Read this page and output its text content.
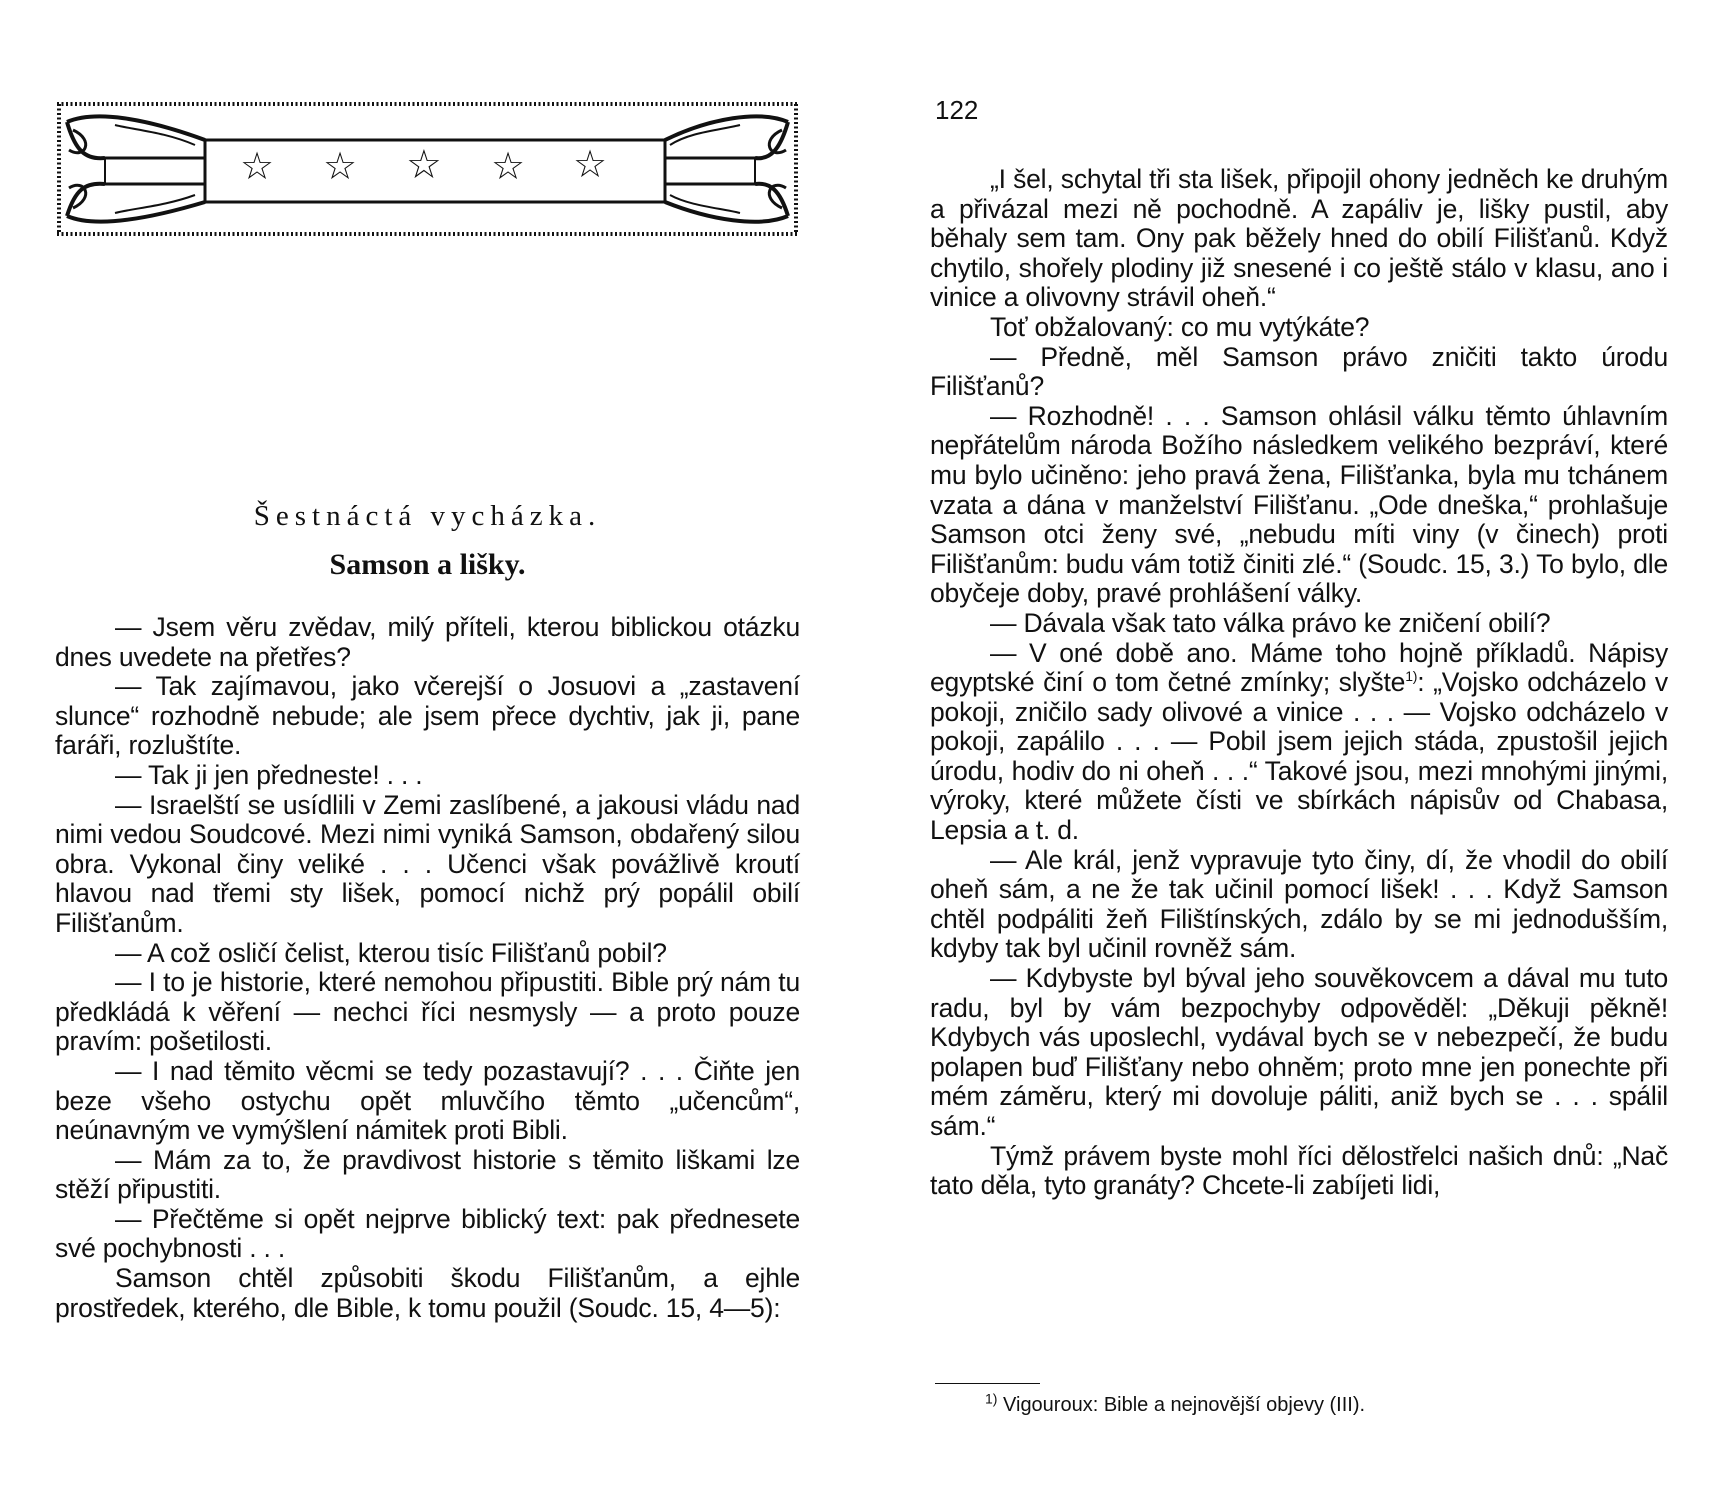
☆ ☆ ☆ ☆ ☆
Šestnáctá vycházka.
Samson a lišky.

— Jsem věru zvědav, milý příteli, kterou biblickou otázku dnes uvedete na přetřes?

— Tak zajímavou, jako včerejší o Josuovi a „zastavení slunce“ rozhodně nebude; ale jsem přece dychtiv, jak ji, pane faráři, rozluštíte.

— Tak ji jen předneste! . . .

— Israelští se usídlili v Zemi zaslíbené, a jakousi vládu nad nimi vedou Soudcové. Mezi nimi vyniká Samson, obdařený silou obra. Vykonal činy veliké . . . Učenci však povážlivě kroutí hlavou nad třemi sty lišek, pomocí nichž prý popálil obilí Filišťanům.

— A což osličí čelist, kterou tisíc Filišťanů pobil?

— I to je historie, které nemohou připustiti. Bible prý nám tu předkládá k věření — nechci říci nesmysly — a proto pouze pravím: pošetilosti.

— I nad těmito věcmi se tedy pozastavují? . . . Čiňte jen beze všeho ostychu opět mluvčího těmto „učencům“, neúnavným ve vymýšlení námitek proti Bibli.

— Mám za to, že pravdivost historie s těmito liškami lze stěží připustiti.

— Přečtěme si opět nejprve biblický text: pak přednesete své pochybnosti . . .

Samson chtěl způsobiti škodu Filišťanům, a ejhle prostředek, kterého, dle Bible, k tomu použil (Soudc. 15, 4—5):

122

„I šel, schytal tři sta lišek, připojil ohony jedněch ke druhým a přivázal mezi ně pochodně. A zapáliv je, lišky pustil, aby běhaly sem tam. Ony pak běžely hned do obilí Filišťanů. Když chytilo, shořely plodiny již snesené i co ještě stálo v klasu, ano i vinice a olivovny strávil oheň.“

Toť obžalovaný: co mu vytýkáte?

— Předně, měl Samson právo zničiti takto úrodu Filišťanů?

— Rozhodně! . . . Samson ohlásil válku těmto úhlavním nepřátelům národa Božího následkem velikého bezpráví, které mu bylo učiněno: jeho pravá žena, Filišťanka, byla mu tchánem vzata a dána v manželství Filišťanu. „Ode dneška,“ prohlašuje Samson otci ženy své, „nebudu míti viny (v činech) proti Filišťanům: budu vám totiž činiti zlé.“ (Soudc. 15, 3.) To bylo, dle obyčeje doby, pravé prohlášení války.

— Dávala však tato válka právo ke zničení obilí?

— V oné době ano. Máme toho hojně příkladů. Nápisy egyptské činí o tom četné zmínky; slyšte$^{1)}$: „Vojsko odcházelo v pokoji, zničilo sady olivové a vinice . . . — Vojsko odcházelo v pokoji, zapálilo . . . — Pobil jsem jejich stáda, zpustošil jejich úrodu, hodiv do ni oheň . . .“ Takové jsou, mezi mnohými jinými, výroky, které můžete čísti ve sbírkách nápisův od Chabasa, Lepsia a t. d.

— Ale král, jenž vypravuje tyto činy, dí, že vhodil do obilí oheň sám, a ne že tak učinil pomocí lišek! . . . Když Samson chtěl podpáliti žeň Filištínských, zdálo by se mi jednodušším, kdyby tak byl učinil rovněž sám.

— Kdybyste byl býval jeho souvěkovcem a dával mu tuto radu, byl by vám bezpochyby odpověděl: „Děkuji pěkně! Kdybych vás uposlechl, vydával bych se v nebezpečí, že budu polapen buď Filišťany nebo ohněm; proto mne jen ponechte při mém záměru, který mi dovoluje páliti, aniž bych se . . . spálil sám.“

Týmž právem byste mohl říci dělostřelci našich dnů: „Nač tato děla, tyto granáty? Chcete-li zabíjeti lidi,

$^{1)}$ Vigouroux: Bible a nejnovější objevy (III).
